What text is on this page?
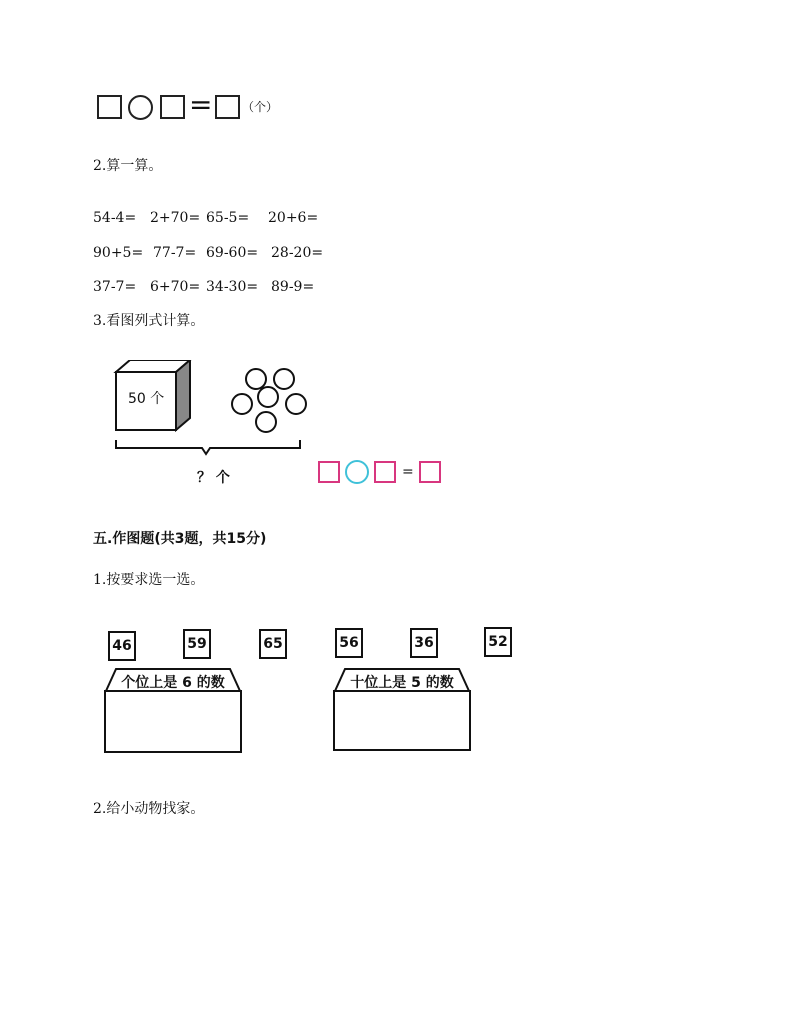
= （个）
2.算一算。
54-4= 2+70= 65-5= 20+6=
90+5= 77-7= 69-60= 28-20=
37-7= 6+70= 34-30= 89-9=
3.看图列式计算。
50 个
？ 个	=
五.作图题(共3题，共15分)
1.按要求选一选。
46	59	65	56	36	52
个位上是 6 的数	十位上是 5 的数
2.给小动物找家。
